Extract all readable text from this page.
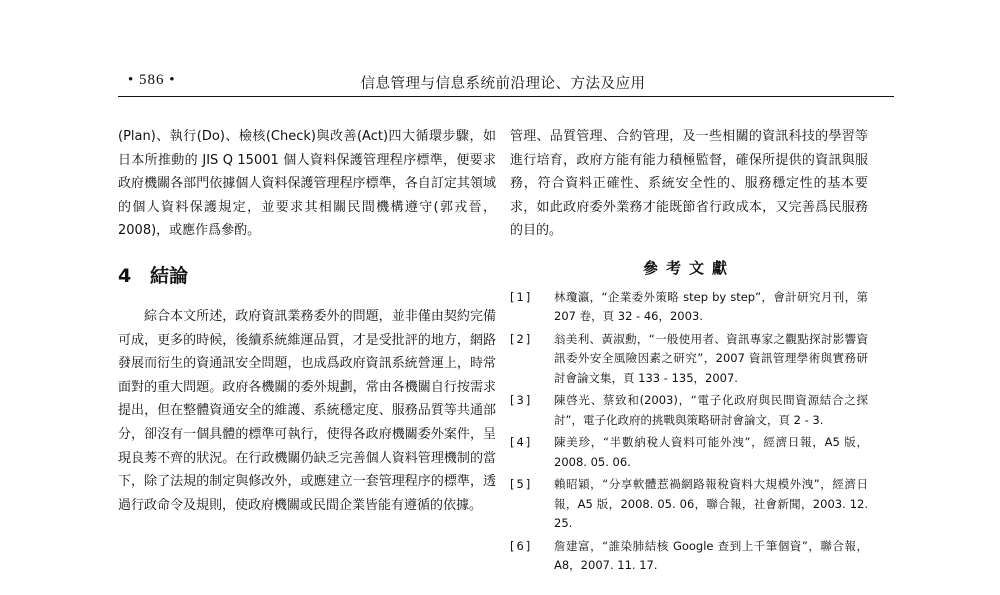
• 586 •	信息管理与信息系统前沿理论、方法及应用

(Plan)、執行(Do)、檢核(Check)與改善(Act)四大循環步驟，如日本所推動的 JIS Q 15001 個人資料保護管理程序標準，便要求政府機關各部門依據個人資料保護管理程序標準，各自訂定其領域的個人資料保護規定，並要求其相關民間機構遵守(郭戎晉，2008)，或應作爲參酌。

4 結論

綜合本文所述，政府資訊業務委外的問題，並非僅由契約完備可成，更多的時候，後續系統維運品質，才是受批評的地方，網路發展而衍生的資通訊安全問題，也成爲政府資訊系統營運上，時常面對的重大問題。政府各機關的委外規劃，常由各機關自行按需求提出，但在整體資通安全的維護、系統穩定度、服務品質等共通部分，卻沒有一個具體的標準可執行，使得各政府機關委外案件，呈現良莠不齊的狀況。在行政機關仍缺乏完善個人資料管理機制的當下，除了法規的制定與修改外，或應建立一套管理程序的標準，透過行政命令及規則，使政府機關或民間企業皆能有遵循的依據。

管理、品質管理、合約管理，及一些相關的資訊科技的學習等進行培育，政府方能有能力積極監督，確保所提供的資訊與服務，符合資料正確性、系統安全性的、服務穩定性的基本要求，如此政府委外業務才能既節省行政成本，又完善爲民服務的目的。

參考文獻
[1]	林瓊瀛，“企業委外策略 step by step”，會計研究月刊，第 207 卷，頁 32 - 46，2003.
[2]	翁美利、黃淑勳，“一般使用者、資訊專家之觀點探討影響資訊委外安全風險因素之研究”，2007 資訊管理學術與實務研討會論文集，頁 133 - 135，2007.
[3]	陳啓光、蔡致和(2003)，“電子化政府與民間資源結合之探討”，電子化政府的挑戰與策略研討會論文，頁 2 - 3.
[4]	陳美珍，“半數納稅人資料可能外洩”，經濟日報，A5 版，2008. 05. 06.
[5]	賴昭穎，“分享軟體惹禍網路報稅資料大規模外洩”，經濟日報，A5 版，2008. 05. 06，聯合報，社會新聞，2003. 12. 25.
[6]	詹建富，“誰染肺結核 Google 查到上千筆個資”，聯合報，A8，2007. 11. 17.
